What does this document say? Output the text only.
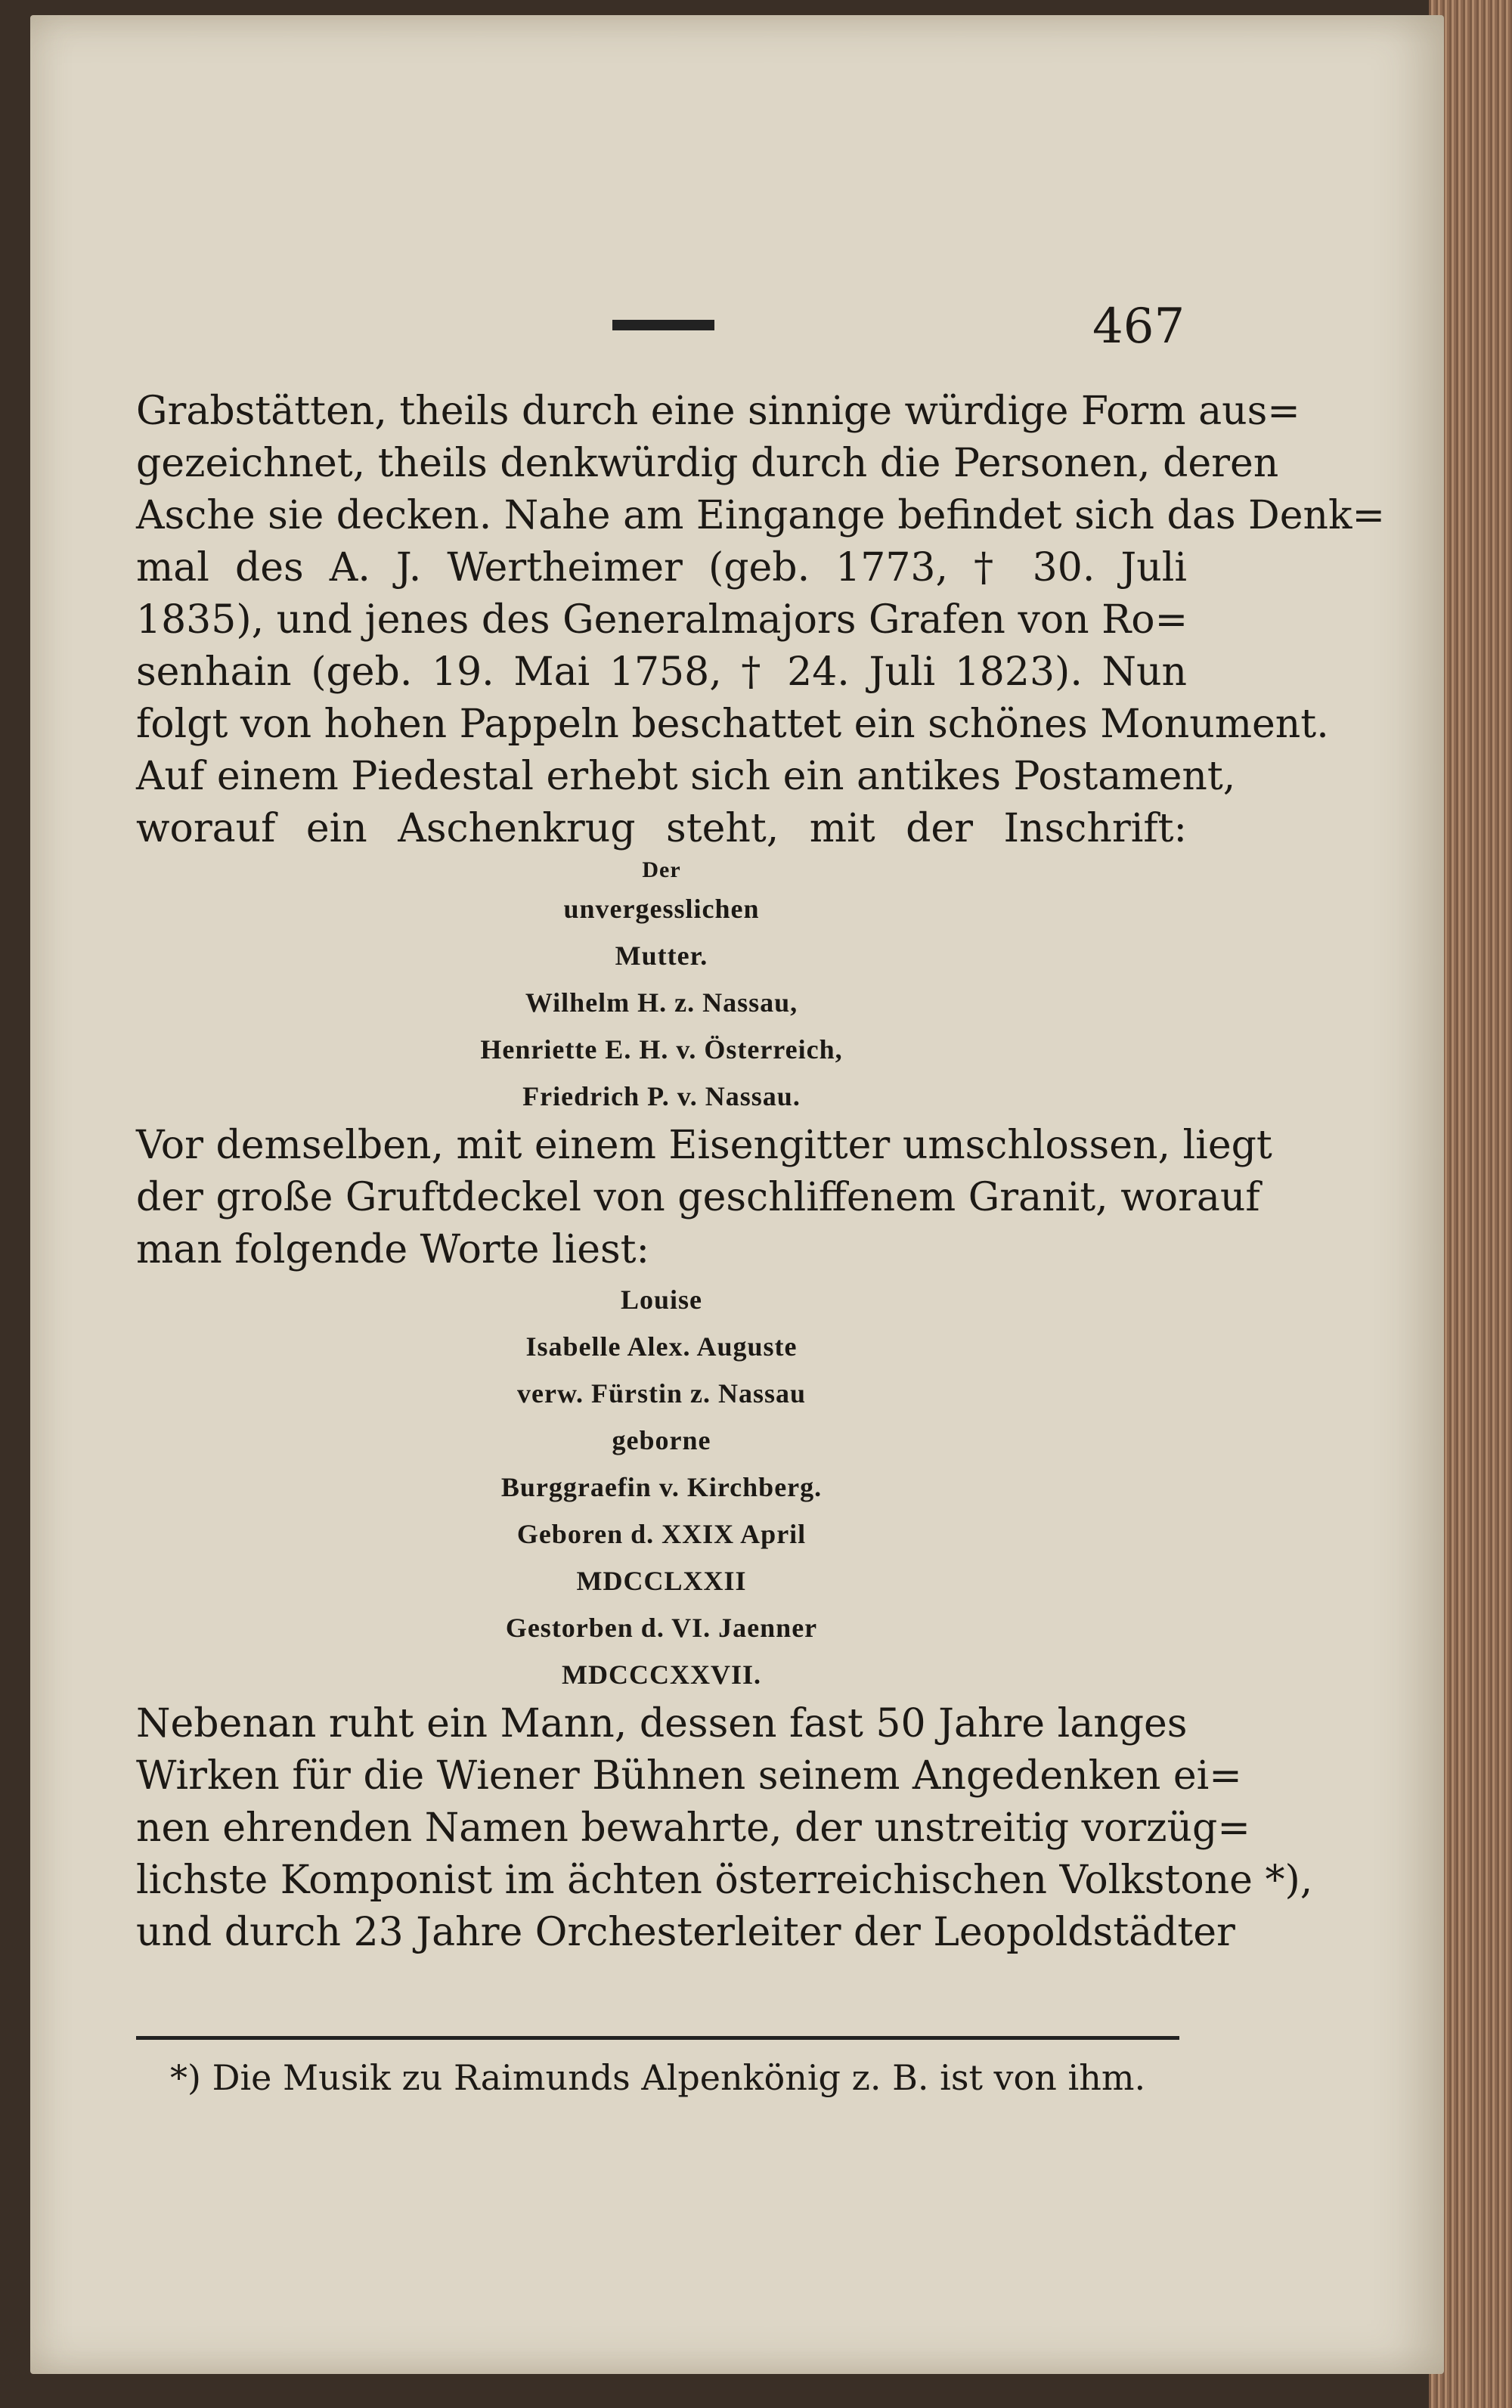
467
Grabstätten, theils durch eine sinnige würdige Form aus=
gezeichnet, theils denkwürdig durch die Personen, deren
Asche sie decken. Nahe am Eingange befindet sich das Denk=
mal des A. J. Wertheimer (geb. 1773, † 30. Juli
1835), und jenes des Generalmajors Grafen von Ro=
senhain (geb. 19. Mai 1758, † 24. Juli 1823). Nun
folgt von hohen Pappeln beschattet ein schönes Monument.
Auf einem Piedestal erhebt sich ein antikes Postament,
worauf ein Aschenkrug steht, mit der Inschrift:
Der
unvergesslichen
Mutter.
Wilhelm H. z. Nassau,
Henriette E. H. v. Österreich,
Friedrich P. v. Nassau.
Vor demselben, mit einem Eisengitter umschlossen, liegt
der große Gruftdeckel von geschliffenem Granit, worauf
man folgende Worte liest:
Louise
Isabelle Alex. Auguste
verw. Fürstin z. Nassau
geborne
Burggraefin v. Kirchberg.
Geboren d. XXIX April
MDCCLXXII
Gestorben d. VI. Jaenner
MDCCCXXVII.
Nebenan ruht ein Mann, dessen fast 50 Jahre langes
Wirken für die Wiener Bühnen seinem Angedenken ei=
nen ehrenden Namen bewahrte, der unstreitig vorzüg=
lichste Komponist im ächten österreichischen Volkstone *),
und durch 23 Jahre Orchesterleiter der Leopoldstädter
*) Die Musik zu Raimunds Alpenkönig z. B. ist von ihm.
